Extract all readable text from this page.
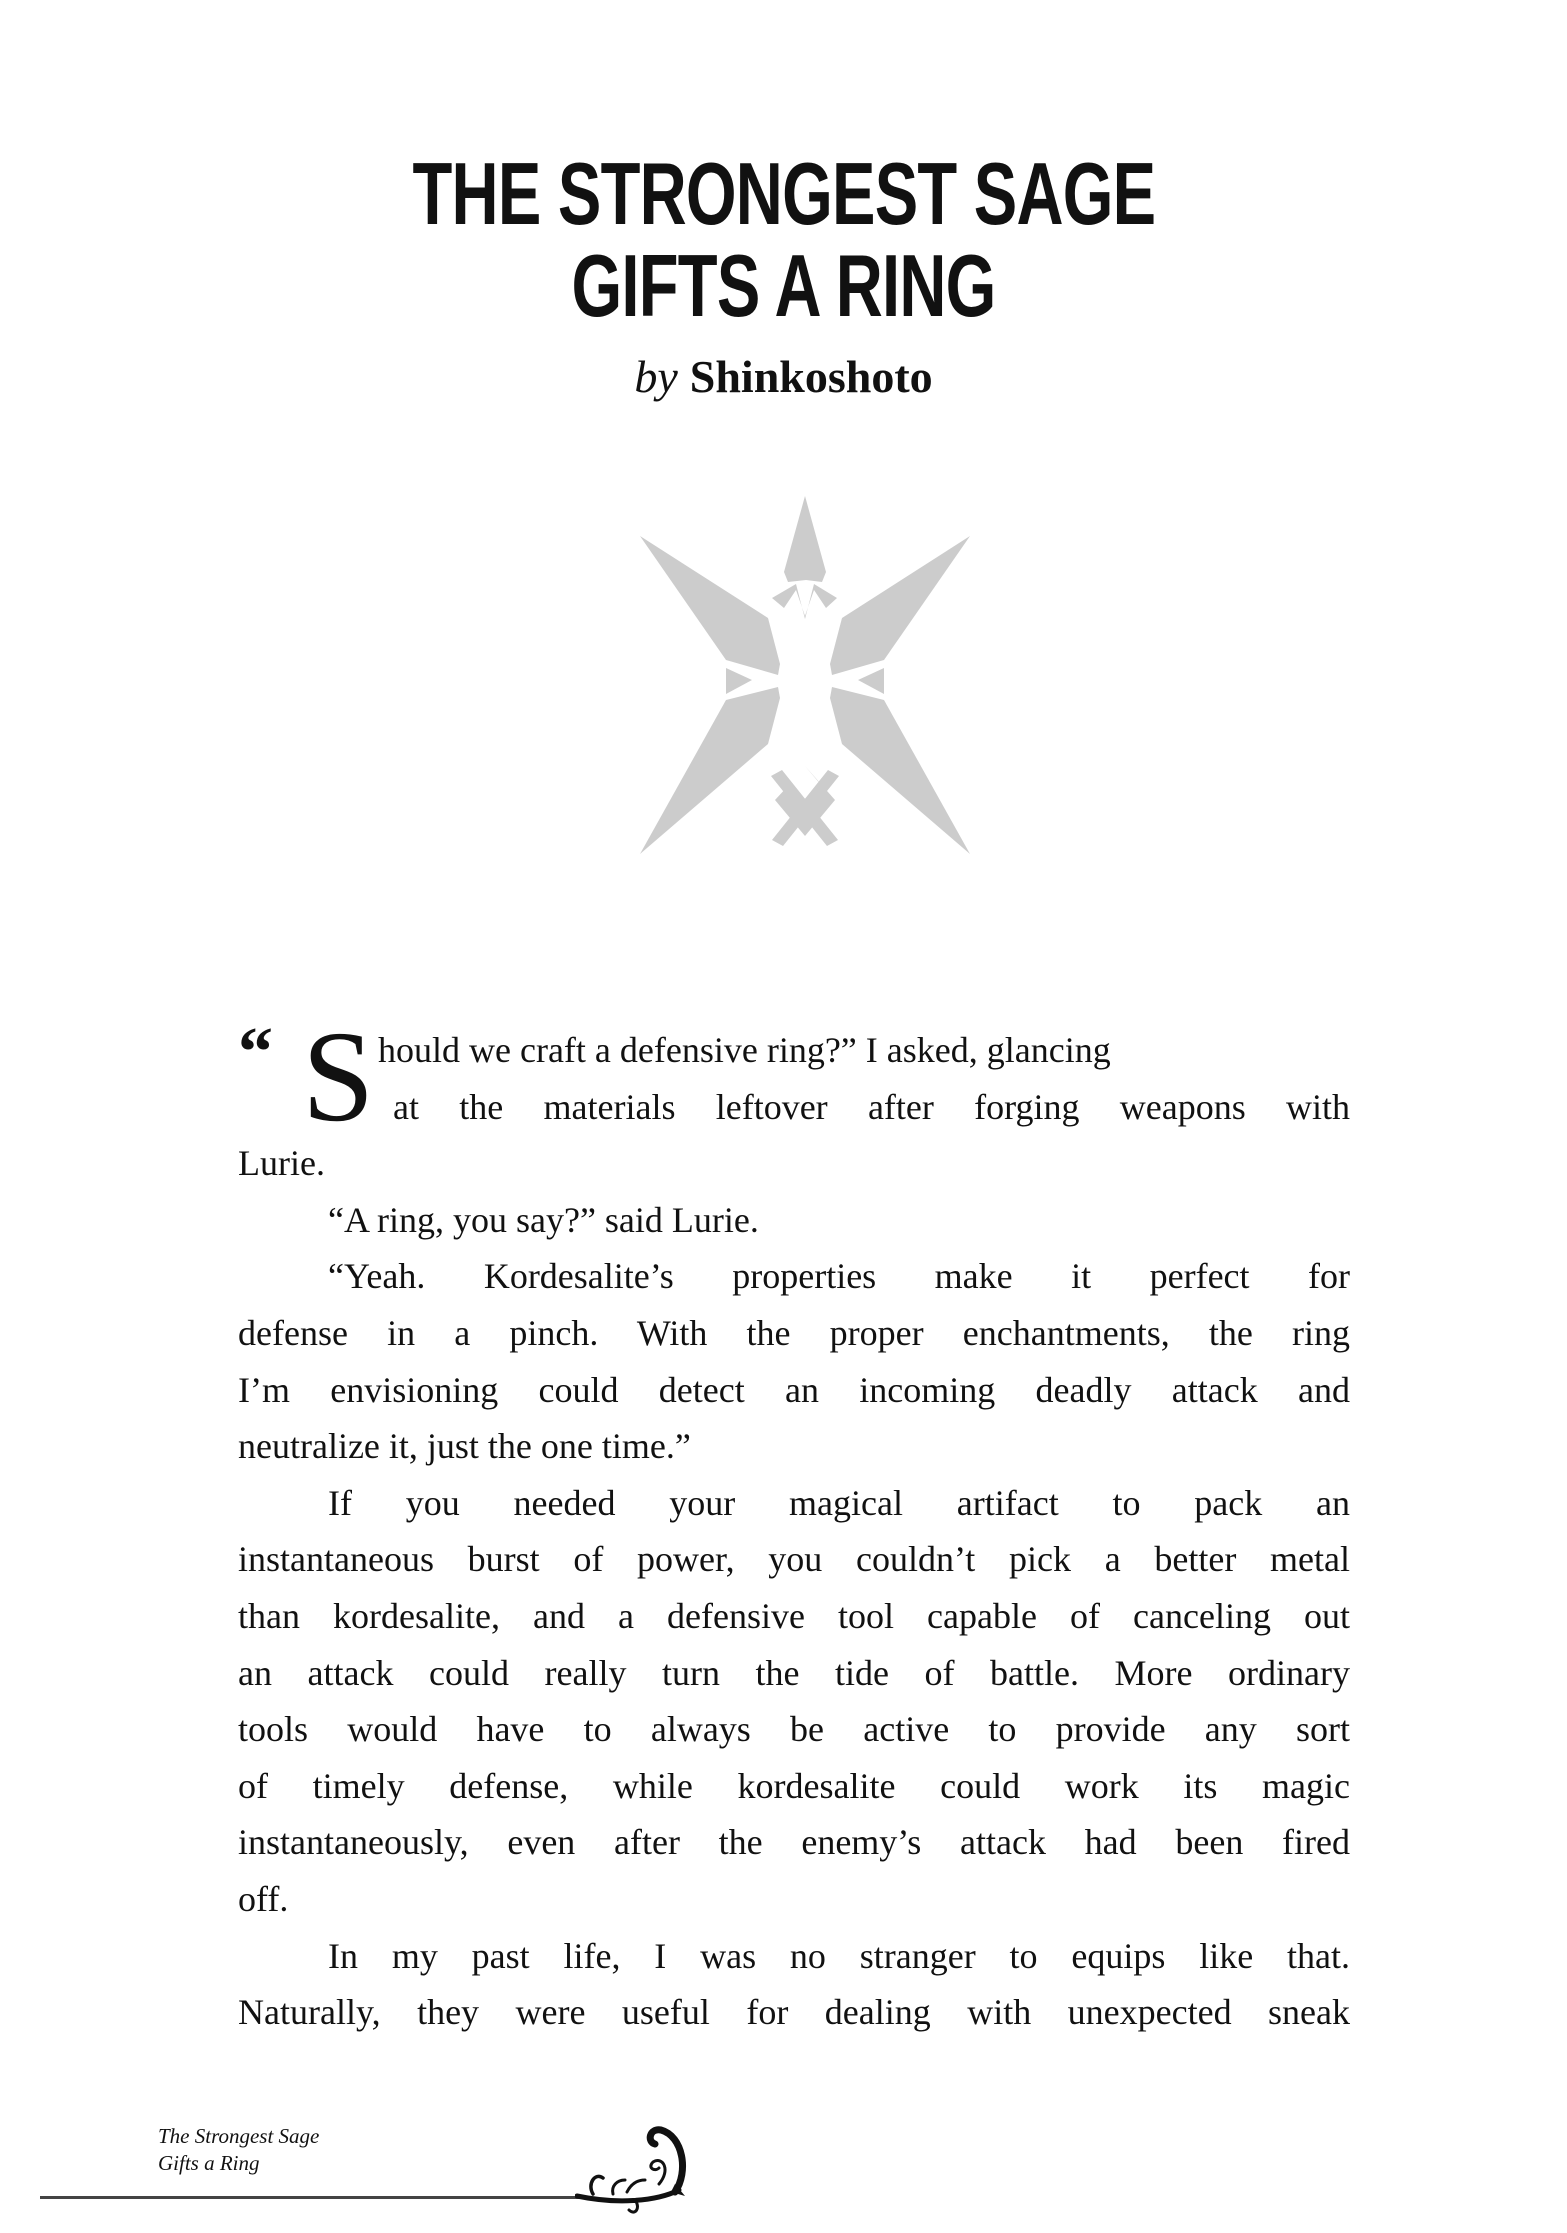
THE STRONGEST SAGE
GIFTS A RING
by Shinkoshoto
“ S hould we craft a defensive ring?” I asked, glancing
at the materials leftover after forging weapons with
Lurie.
“A ring, you say?” said Lurie.
“Yeah. Kordesalite’s properties make it perfect for
defense in a pinch. With the proper enchantments, the ring
I’m envisioning could detect an incoming deadly attack and
neutralize it, just the one time.”
If you needed your magical artifact to pack an
instantaneous burst of power, you couldn’t pick a better metal
than kordesalite, and a defensive tool capable of canceling out
an attack could really turn the tide of battle. More ordinary
tools would have to always be active to provide any sort
of timely defense, while kordesalite could work its magic
instantaneously, even after the enemy’s attack had been fired
off.
In my past life, I was no stranger to equips like that.
Naturally, they were useful for dealing with unexpected sneak
The Strongest Sage
Gifts a Ring
